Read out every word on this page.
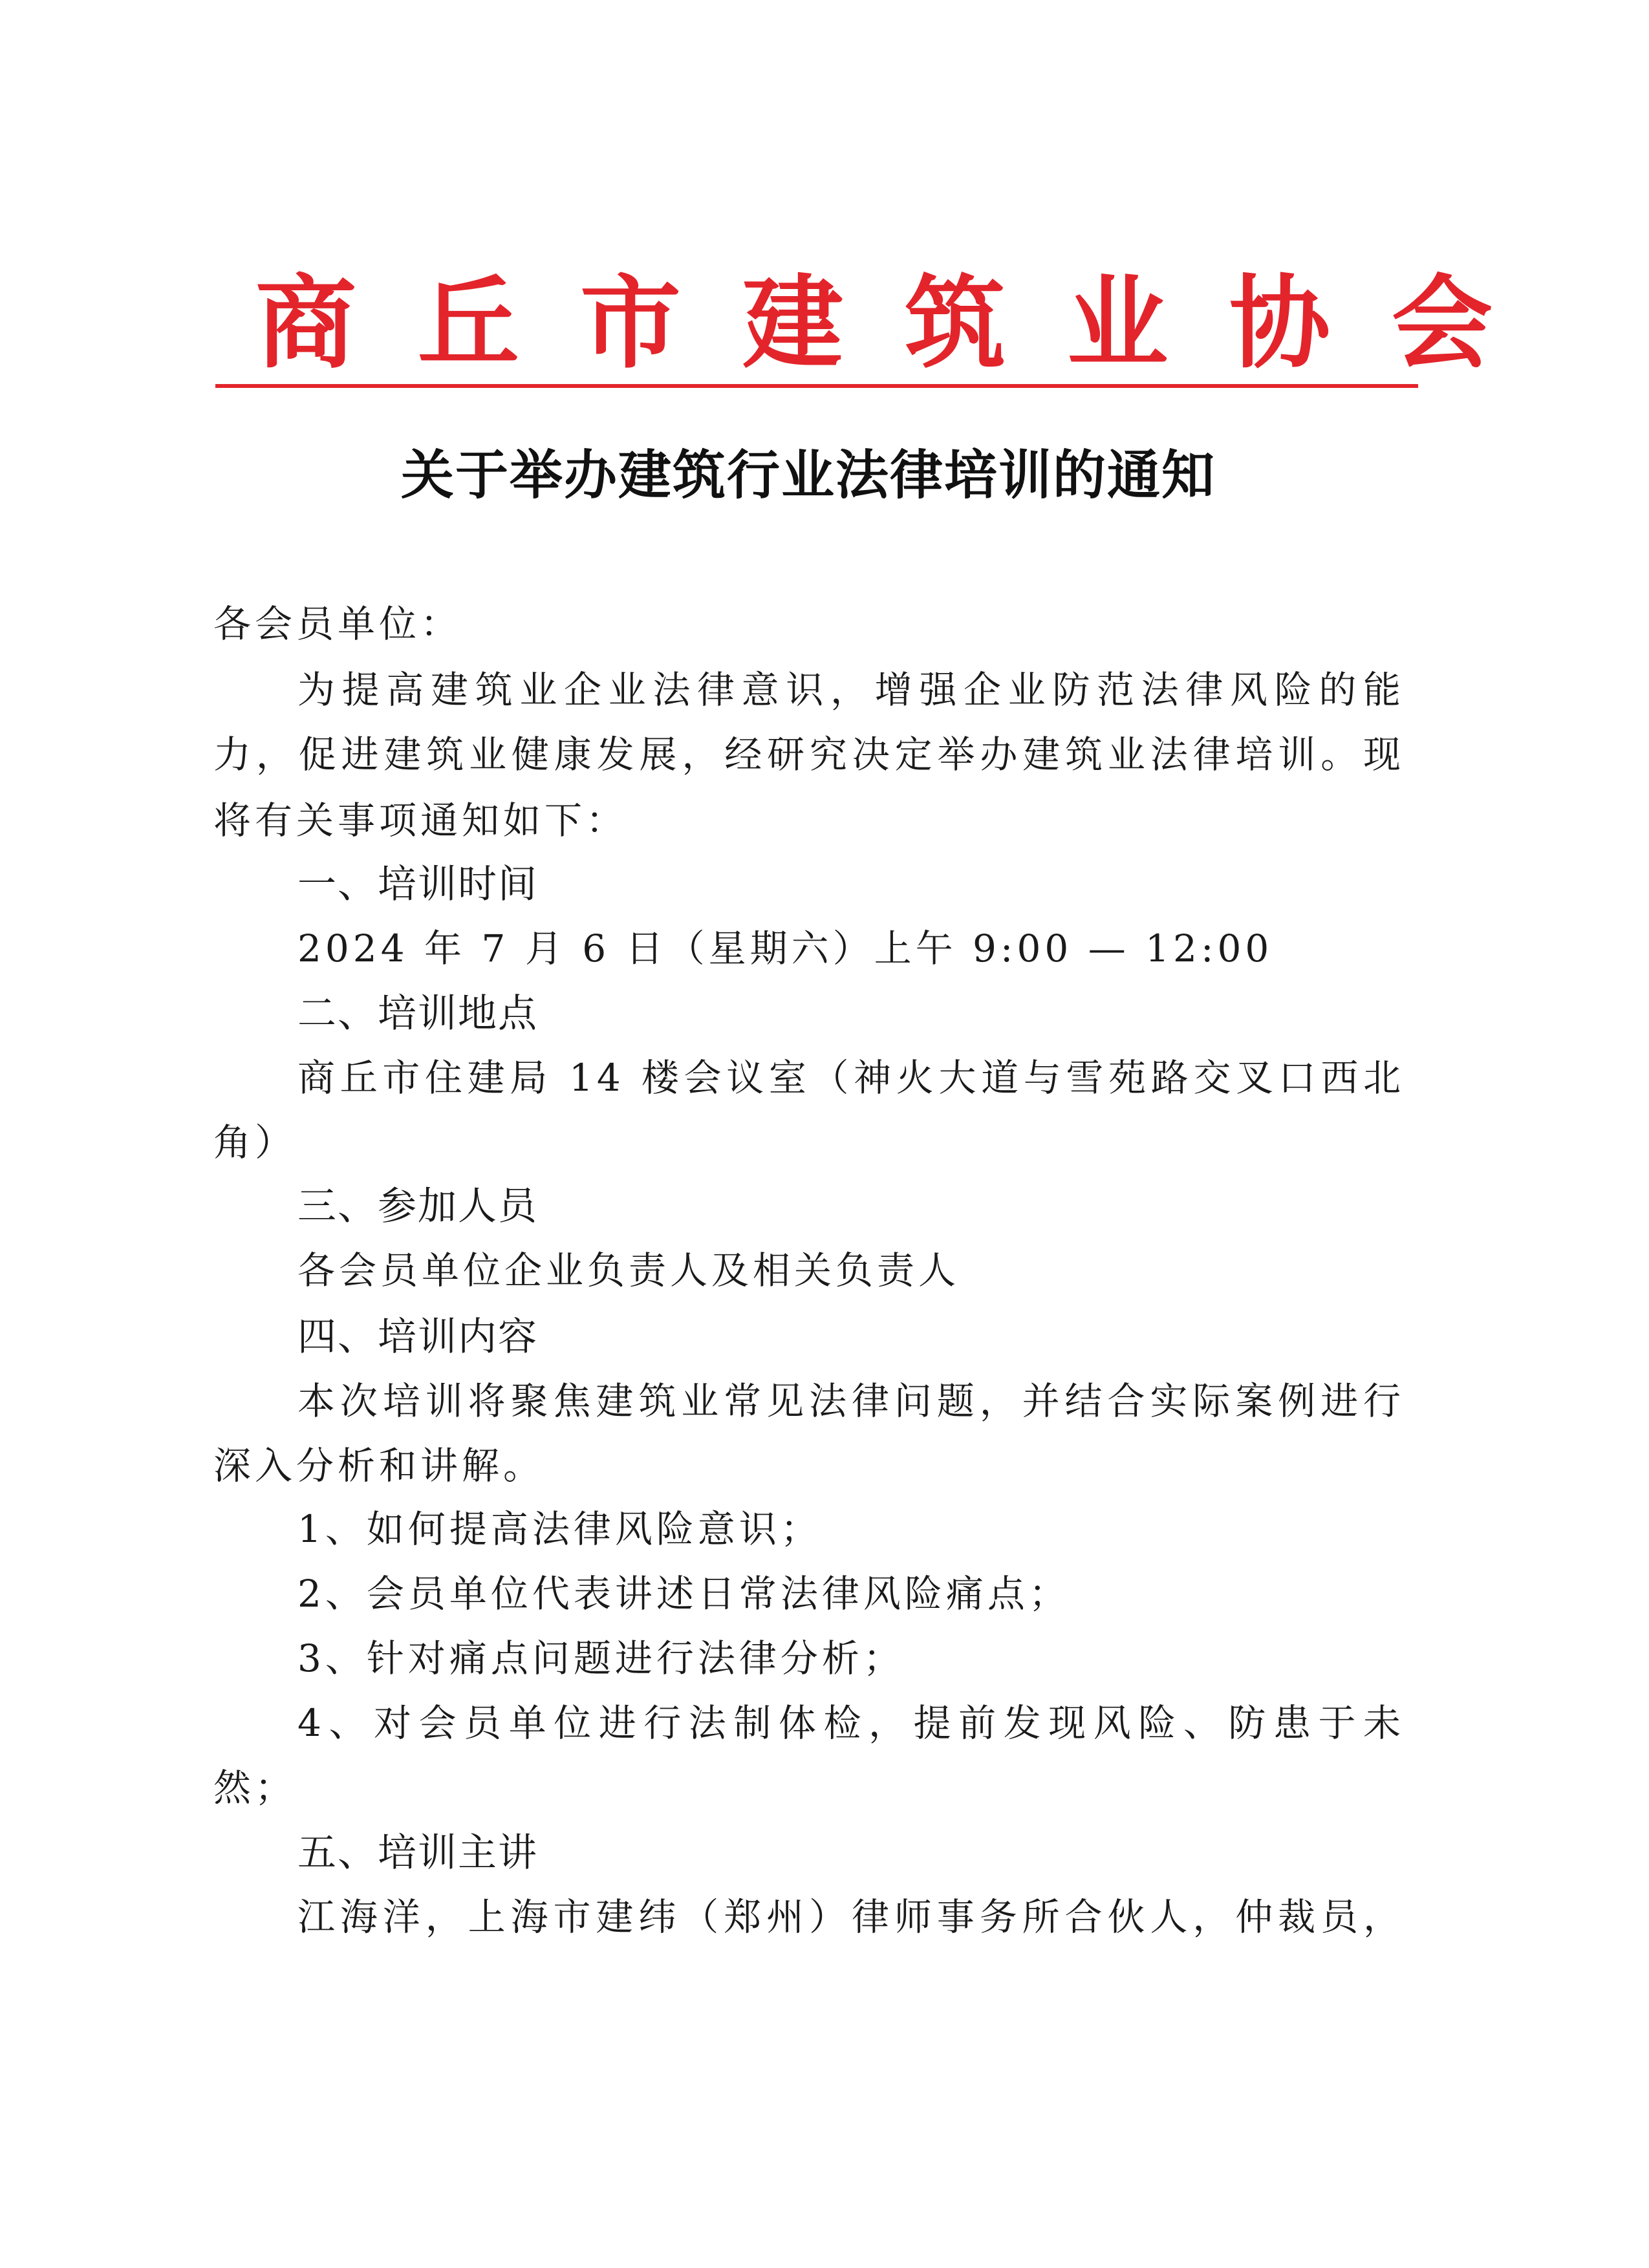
商丘市建筑业协会
关于举办建筑行业法律培训的通知
各会员单位：
为提高建筑业企业法律意识，增强企业防范法律风险的能
力，促进建筑业健康发展，经研究决定举办建筑业法律培训。现
将有关事项通知如下：
一、培训时间
2024 年 7 月 6 日（星期六）上午 9:00 — 12:00
二、培训地点
商丘市住建局 14 楼会议室（神火大道与雪苑路交叉口西北
角）
三、参加人员
各会员单位企业负责人及相关负责人
四、培训内容
本次培训将聚焦建筑业常见法律问题，并结合实际案例进行
深入分析和讲解。
1、如何提高法律风险意识；
2、会员单位代表讲述日常法律风险痛点；
3、针对痛点问题进行法律分析；
4、对会员单位进行法制体检，提前发现风险、防患于未
然；
五、培训主讲
江海洋，上海市建纬（郑州）律师事务所合伙人，仲裁员，
